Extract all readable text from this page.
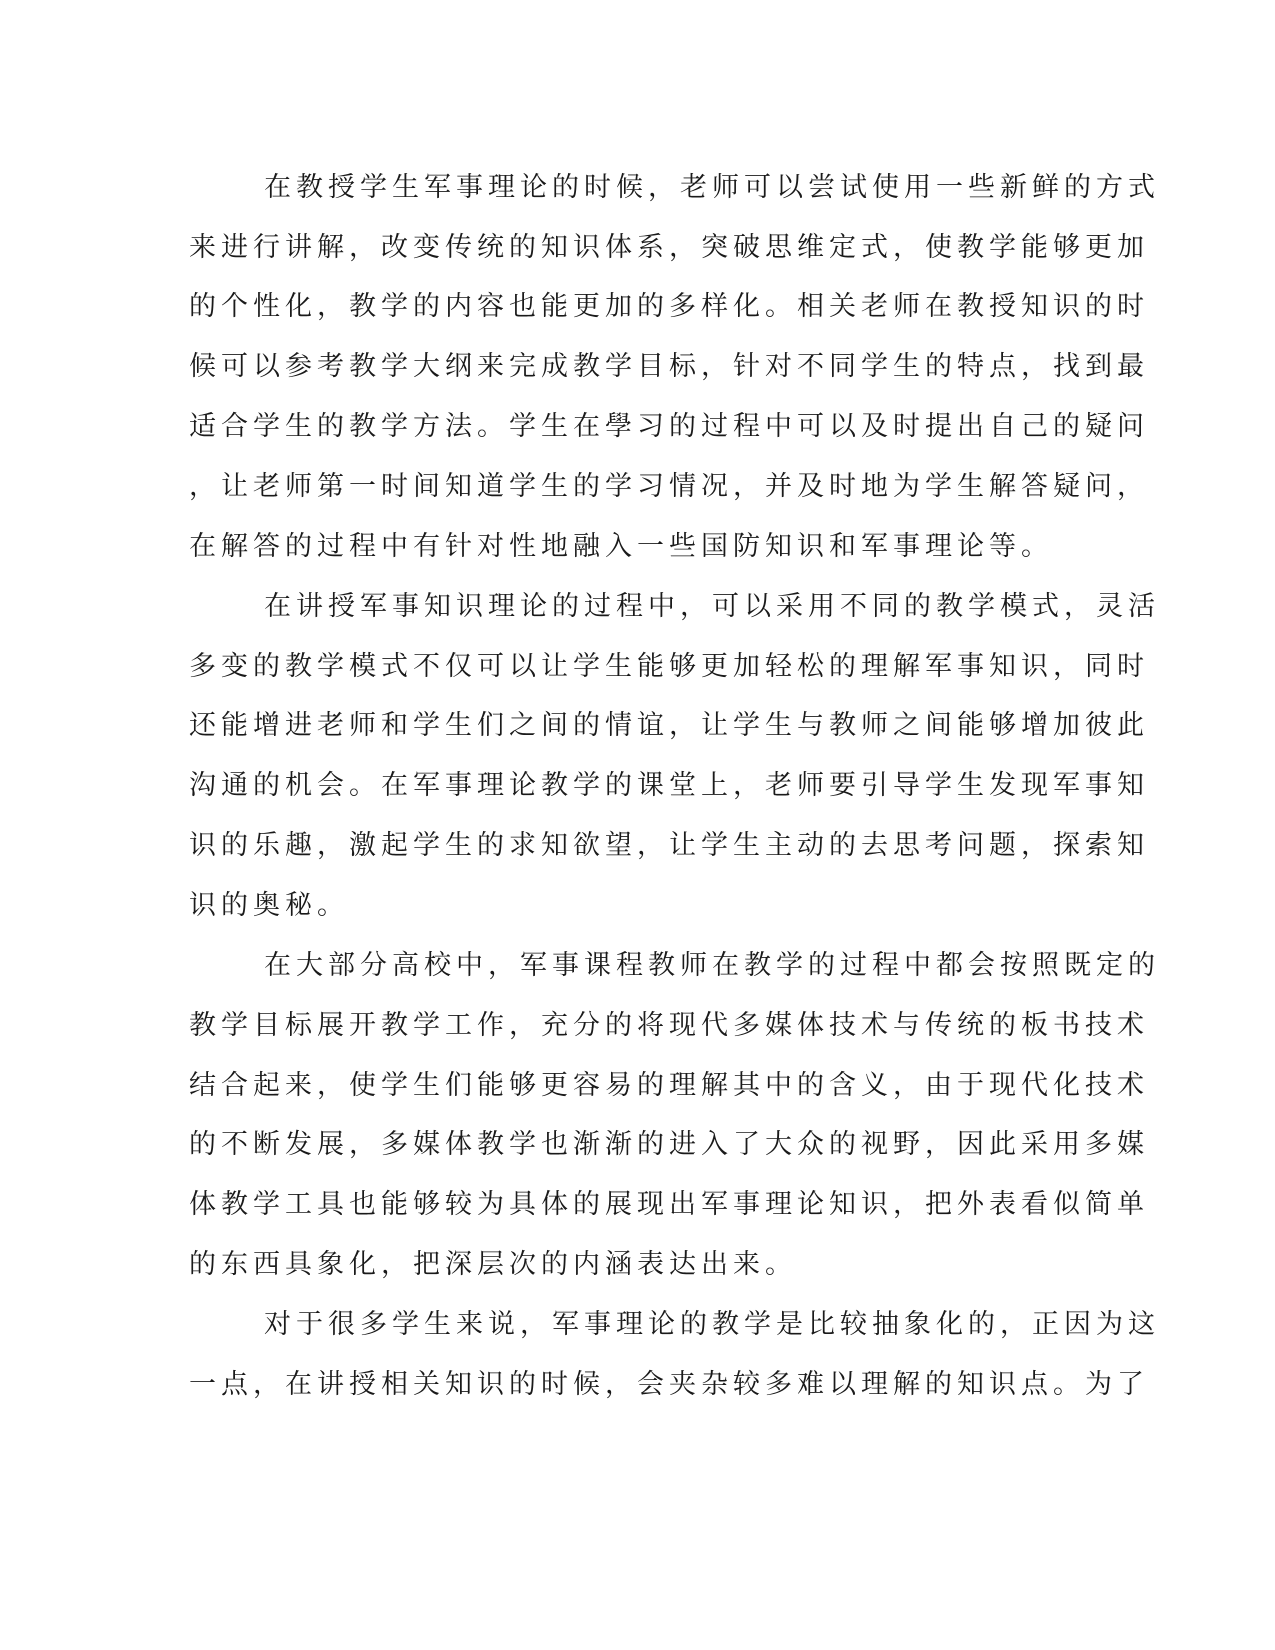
在教授学生军事理论的时候，老师可以尝试使用一些新鲜的方式
来进行讲解，改变传统的知识体系，突破思维定式，使教学能够更加
的个性化，教学的内容也能更加的多样化。相关老师在教授知识的时
候可以参考教学大纲来完成教学目标，针对不同学生的特点，找到最
适合学生的教学方法。学生在學习的过程中可以及时提出自己的疑问
，让老师第一时间知道学生的学习情况，并及时地为学生解答疑问，
在解答的过程中有针对性地融入一些国防知识和军事理论等。
在讲授军事知识理论的过程中，可以采用不同的教学模式，灵活
多变的教学模式不仅可以让学生能够更加轻松的理解军事知识，同时
还能增进老师和学生们之间的情谊，让学生与教师之间能够增加彼此
沟通的机会。在军事理论教学的课堂上，老师要引导学生发现军事知
识的乐趣，激起学生的求知欲望，让学生主动的去思考问题，探索知
识的奥秘。
在大部分高校中，军事课程教师在教学的过程中都会按照既定的
教学目标展开教学工作，充分的将现代多媒体技术与传统的板书技术
结合起来，使学生们能够更容易的理解其中的含义，由于现代化技术
的不断发展，多媒体教学也渐渐的进入了大众的视野，因此采用多媒
体教学工具也能够较为具体的展现出军事理论知识，把外表看似简单
的东西具象化，把深层次的内涵表达出来。
对于很多学生来说，军事理论的教学是比较抽象化的，正因为这
一点，在讲授相关知识的时候，会夹杂较多难以理解的知识点。为了
